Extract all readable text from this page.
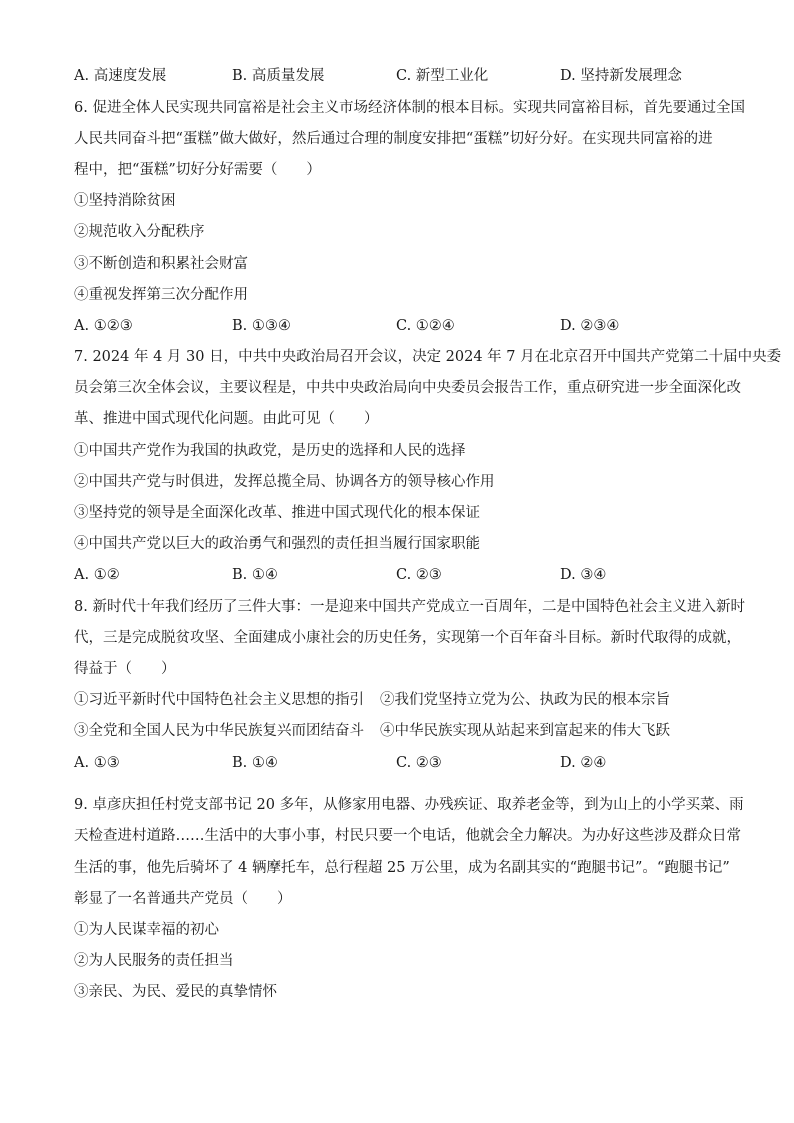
A. 高速度发展	B. 高质量发展	C. 新型工业化	D. 坚持新发展理念
6. 促进全体人民实现共同富裕是社会主义市场经济体制的根本目标。实现共同富裕目标，首先要通过全国
人民共同奋斗把“蛋糕”做大做好，然后通过合理的制度安排把“蛋糕”切好分好。在实现共同富裕的进
程中，把“蛋糕”切好分好需要（　　）
①坚持消除贫困
②规范收入分配秩序
③不断创造和积累社会财富
④重视发挥第三次分配作用
A. ①②③	B. ①③④	C. ①②④	D. ②③④
7. 2024 年 4 月 30 日，中共中央政治局召开会议，决定 2024 年 7 月在北京召开中国共产党第二十届中央委
员会第三次全体会议，主要议程是，中共中央政治局向中央委员会报告工作，重点研究进一步全面深化改
革、推进中国式现代化问题。由此可见（　　）
①中国共产党作为我国的执政党，是历史的选择和人民的选择
②中国共产党与时俱进，发挥总揽全局、协调各方的领导核心作用
③坚持党的领导是全面深化改革、推进中国式现代化的根本保证
④中国共产党以巨大的政治勇气和强烈的责任担当履行国家职能
A. ①②	B. ①④	C. ②③	D. ③④
8. 新时代十年我们经历了三件大事：一是迎来中国共产党成立一百周年，二是中国特色社会主义进入新时
代，三是完成脱贫攻坚、全面建成小康社会的历史任务，实现第一个百年奋斗目标。新时代取得的成就，
得益于（　　）
①习近平新时代中国特色社会主义思想的指引 ②我们党坚持立党为公、执政为民的根本宗旨
③全党和全国人民为中华民族复兴而团结奋斗 ④中华民族实现从站起来到富起来的伟大飞跃
A. ①③	B. ①④	C. ②③	D. ②④
9. 卓彦庆担任村党支部书记 20 多年，从修家用电器、办残疾证、取养老金等，到为山上的小学买菜、雨
天检查进村道路……生活中的大事小事，村民只要一个电话，他就会全力解决。为办好这些涉及群众日常
生活的事，他先后骑坏了 4 辆摩托车，总行程超 25 万公里，成为名副其实的“跑腿书记”。“跑腿书记”
彰显了一名普通共产党员（　　）
①为人民谋幸福的初心
②为人民服务的责任担当
③亲民、为民、爱民的真挚情怀
